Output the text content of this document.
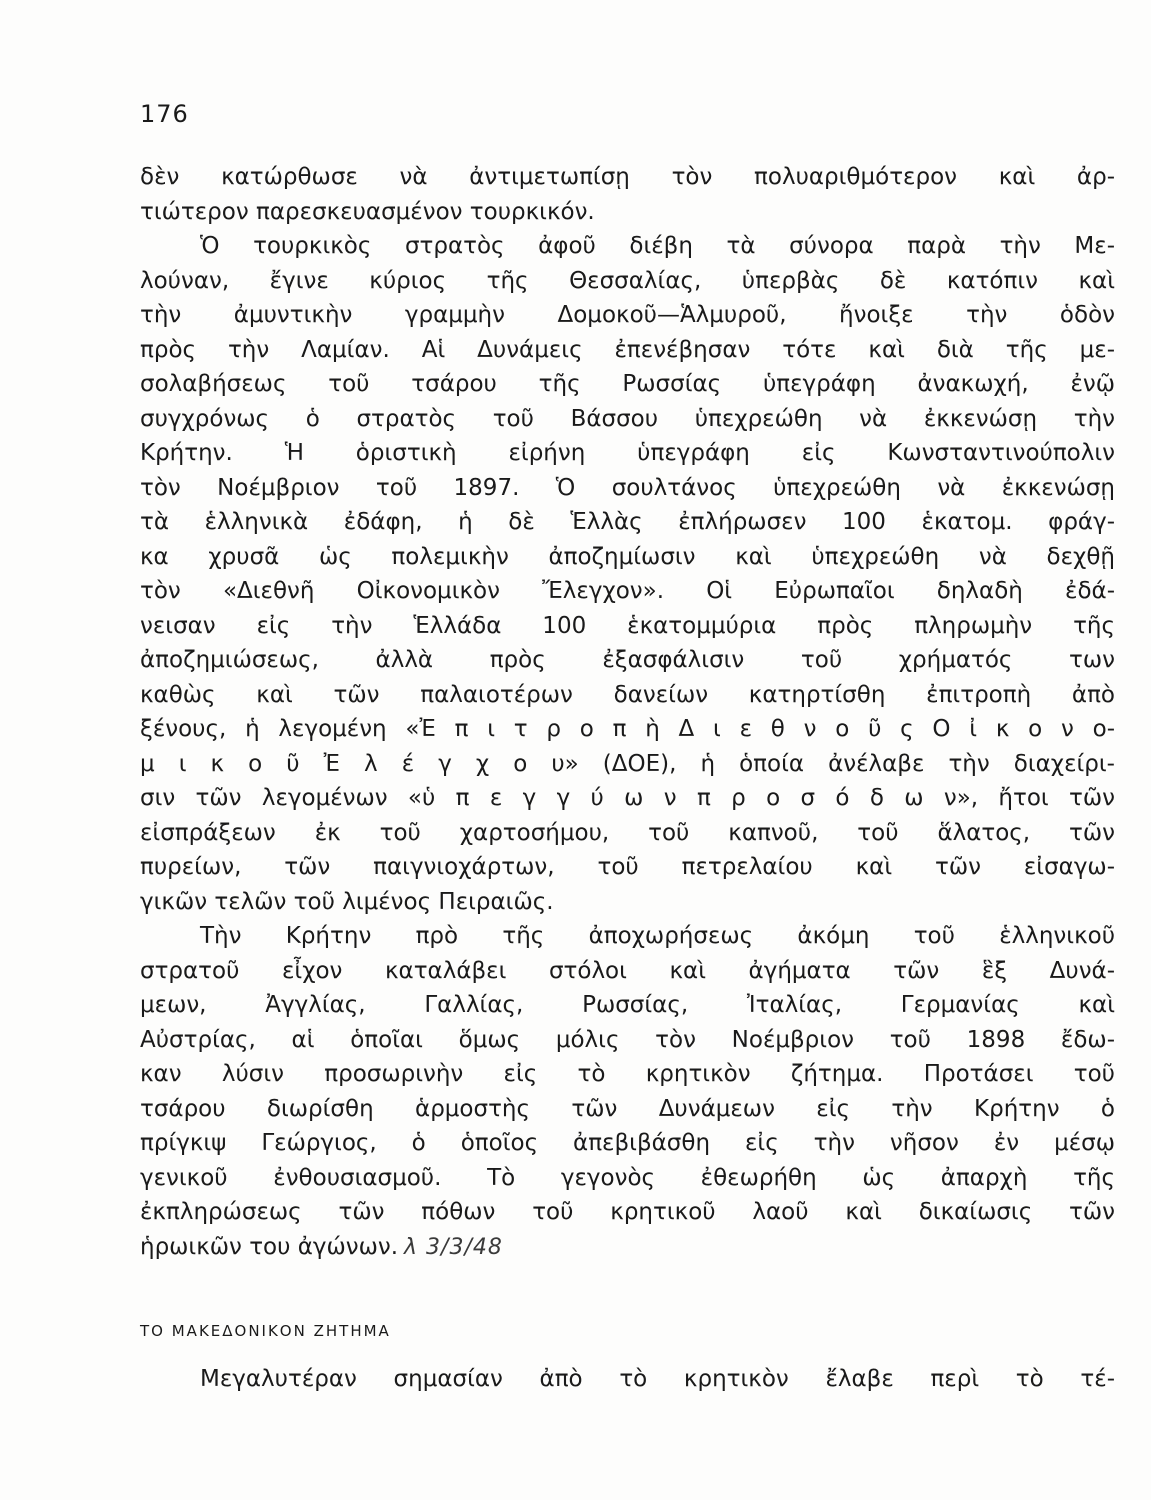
176
δὲν κατώρθωσε νὰ ἀντιμετωπίσῃ τὸν πολυαριθμότερον καὶ ἀρ-
τιώτερον παρεσκευασμένον τουρκικόν.
Ὁ τουρκικὸς στρατὸς ἀφοῦ διέβη τὰ σύνορα παρὰ τὴν Με-
λούναν, ἔγινε κύριος τῆς Θεσσαλίας, ὑπερβὰς δὲ κατόπιν καὶ
τὴν ἀμυντικὴν γραμμὴν Δομοκοῦ—Ἁλμυροῦ, ἤνοιξε τὴν ὁδὸν
πρὸς τὴν Λαμίαν. Αἱ Δυνάμεις ἐπενέβησαν τότε καὶ διὰ τῆς με-
σολαβήσεως τοῦ τσάρου τῆς Ρωσσίας ὑπεγράφη ἀνακωχή, ἐνῷ
συγχρόνως ὁ στρατὸς τοῦ Βάσσου ὑπεχρεώθη νὰ ἐκκενώσῃ τὴν
Κρήτην. Ἡ ὁριστικὴ εἰρήνη ὑπεγράφη εἰς Κωνσταντινούπολιν
τὸν Νοέμβριον τοῦ 1897. Ὁ σουλτάνος ὑπεχρεώθη νὰ ἐκκενώσῃ
τὰ ἑλληνικὰ ἐδάφη, ἡ δὲ Ἑλλὰς ἐπλήρωσεν 100 ἑκατομ. φράγ-
κα χρυσᾶ ὡς πολεμικὴν ἀποζημίωσιν καὶ ὑπεχρεώθη νὰ δεχθῇ
τὸν «Διεθνῆ Οἰκονομικὸν Ἔλεγχον». Οἱ Εὐρωπαῖοι δηλαδὴ ἐδά-
νεισαν εἰς τὴν Ἑλλάδα 100 ἑκατομμύρια πρὸς πληρωμὴν τῆς
ἀποζημιώσεως, ἀλλὰ πρὸς ἐξασφάλισιν τοῦ χρήματός των
καθὼς καὶ τῶν παλαιοτέρων δανείων κατηρτίσθη ἐπιτροπὴ ἀπὸ
ξένους, ἡ λεγομένη «Ἐ π ι τ ρ ο π ὴ Δ ι ε θ ν ο ῦ ς Ο ἰ κ ο ν ο-
μ ι κ ο ῦ Ἐ λ έ γ χ ο υ» (ΔΟΕ), ἡ ὁποία ἀνέλαβε τὴν διαχείρι-
σιν τῶν λεγομένων «ὑ π ε γ γ ύ ω ν π ρ ο σ ό δ ω ν», ἤτοι τῶν
εἰσπράξεων ἐκ τοῦ χαρτοσήμου, τοῦ καπνοῦ, τοῦ ἅλατος, τῶν
πυρείων, τῶν παιγνιοχάρτων, τοῦ πετρελαίου καὶ τῶν εἰσαγω-
γικῶν τελῶν τοῦ λιμένος Πειραιῶς.
Τὴν Κρήτην πρὸ τῆς ἀποχωρήσεως ἀκόμη τοῦ ἑλληνικοῦ
στρατοῦ εἶχον καταλάβει στόλοι καὶ ἀγήματα τῶν ἓξ Δυνά-
μεων, Ἀγγλίας, Γαλλίας, Ρωσσίας, Ἰταλίας, Γερμανίας καὶ
Αὐστρίας, αἱ ὁποῖαι ὅμως μόλις τὸν Νοέμβριον τοῦ 1898 ἔδω-
καν λύσιν προσωρινὴν εἰς τὸ κρητικὸν ζήτημα. Προτάσει τοῦ
τσάρου διωρίσθη ἁρμοστὴς τῶν Δυνάμεων εἰς τὴν Κρήτην ὁ
πρίγκιψ Γεώργιος, ὁ ὁποῖος ἀπεβιβάσθη εἰς τὴν νῆσον ἐν μέσῳ
γενικοῦ ἐνθουσιασμοῦ. Τὸ γεγονὸς ἐθεωρήθη ὡς ἀπαρχὴ τῆς
ἐκπληρώσεως τῶν πόθων τοῦ κρητικοῦ λαοῦ καὶ δικαίωσις τῶν
ἡρωικῶν του ἀγώνων. λ 3/3/48
ΤΟ ΜΑΚΕΔΟΝΙΚΟΝ ΖΗΤΗΜΑ
Μεγαλυτέραν σημασίαν ἀπὸ τὸ κρητικὸν ἔλαβε περὶ τὸ τέ-
